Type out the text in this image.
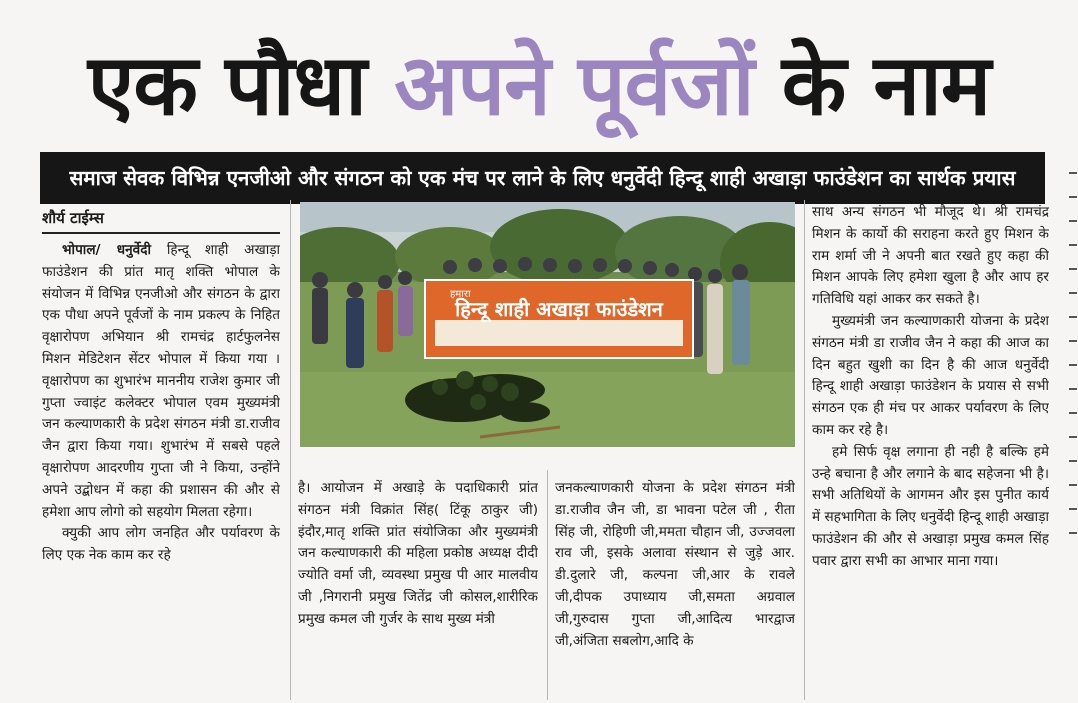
एक पौधा अपने पूर्वजों के नाम
समाज सेवक विभिन्न एनजीओ और संगठन को एक मंच पर लाने के लिए धनुर्वेदी हिन्दू शाही अखाड़ा फाउंडेशन का सार्थक प्रयास
शौर्य टाईम्स

भोपाल/ धनुर्वेदी हिन्दू शाही अखाड़ा फाउंडेशन की प्रांत मातृ शक्ति भोपाल के संयोजन में विभिन्न एनजीओ और संगठन के द्वारा एक पौधा अपने पूर्वजों के नाम प्रकल्प के निहित वृक्षारोपण अभियान श्री रामचंद्र हार्टफुलनेस मिशन मेडिटेशन सेंटर भोपाल में किया गया । वृक्षारोपण का शुभारंभ माननीय राजेश कुमार जी गुप्ता ज्वाइंट कलेक्टर भोपाल एवम मुख्यमंत्री जन कल्याणकारी के प्रदेश संगठन मंत्री डा.राजीव जैन द्वारा किया गया। शुभारंभ में सबसे पहले वृक्षारोपण आदरणीय गुप्ता जी ने किया, उन्होंने अपने उद्बोधन में कहा की प्रशासन की और से हमेशा आप लोगो को सहयोग मिलता रहेगा।

क्युकी आप लोग जनहित और पर्यावरण के लिए एक नेक काम कर रहे

हमारा
हिन्दू शाही अखाड़ा फाउंडेशन

है। आयोजन में अखाड़े के पदाधिकारी प्रांत संगठन मंत्री विक्रांत सिंह( टिंकू ठाकुर जी) इंदौर,मातृ शक्ति प्रांत संयोजिका और मुख्यमंत्री जन कल्याणकारी की महिला प्रकोष्ठ अध्यक्ष दीदी ज्योति वर्मा जी, व्यवस्था प्रमुख पी आर मालवीय जी ,निगरानी प्रमुख जितेंद्र जी कोसल,शारीरिक प्रमुख कमल जी गुर्जर के साथ मुख्य मंत्री

जनकल्याणकारी योजना के प्रदेश संगठन मंत्री डा.राजीव जैन जी, डा भावना पटेल जी , रीता सिंह जी, रोहिणी जी,ममता चौहान जी, उज्जवला राव जी, इसके अलावा संस्थान से जुड़े आर. डी.दुलारे जी, कल्पना जी,आर के रावले जी,दीपक उपाध्याय जी,समता अग्रवाल जी,गुरुदास गुप्ता जी,आदित्य भारद्वाज जी,अंजिता सबलोग,आदि के

साथ अन्य संगठन भी मौजूद थे। श्री रामचंद्र मिशन के कार्यो की सराहना करते हुए मिशन के राम शर्मा जी ने अपनी बात रखते हुए कहा की मिशन आपके लिए हमेशा खुला है और आप हर गतिविधि यहां आकर कर सकते है।

मुख्यमंत्री जन कल्याणकारी योजना के प्रदेश संगठन मंत्री डा राजीव जैन ने कहा की आज का दिन बहुत खुशी का दिन है की आज धनुर्वेदी हिन्दू शाही अखाड़ा फाउंडेशन के प्रयास से सभी संगठन एक ही मंच पर आकर पर्यावरण के लिए काम कर रहे है।

हमे सिर्फ वृक्ष लगाना ही नही है बल्कि हमे उन्हे बचाना है और लगाने के बाद सहेजना भी है। सभी अतिथियों के आगमन और इस पुनीत कार्य में सहभागिता के लिए धनुर्वेदी हिन्दू शाही अखाड़ा फाउंडेशन की और से अखाड़ा प्रमुख कमल सिंह पवार द्वारा सभी का आभार माना गया।
